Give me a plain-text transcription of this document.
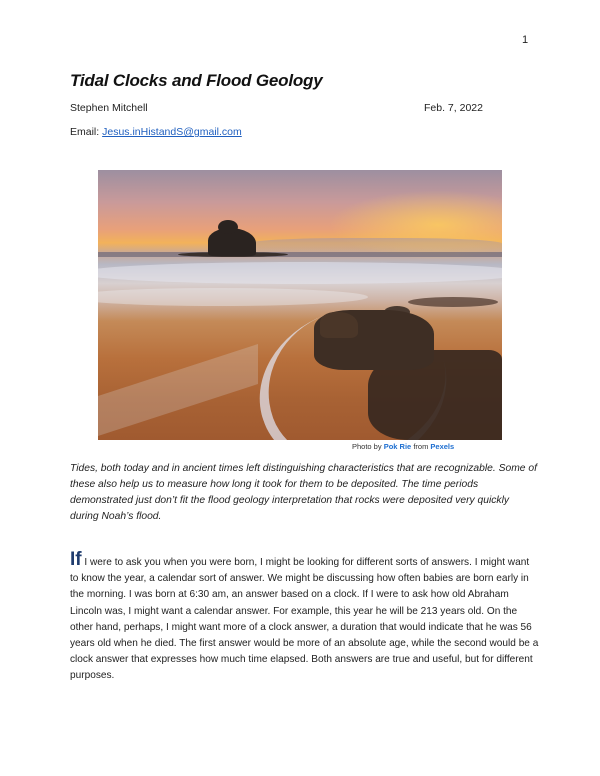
1
Tidal Clocks and Flood Geology
Stephen Mitchell	Feb. 7, 2022
Email: Jesus.inHistandS@gmail.com
Photo by Pok Rie from Pexels

Tides, both today and in ancient times left distinguishing characteristics that are recognizable. Some of these also help us to measure how long it took for them to be deposited. The time periods demonstrated just don’t fit the flood geology interpretation that rocks were deposited very quickly during Noah’s flood.

If I were to ask you when you were born, I might be looking for different sorts of answers. I might want to know the year, a calendar sort of answer. We might be discussing how often babies are born early in the morning. I was born at 6:30 am, an answer based on a clock. If I were to ask how old Abraham Lincoln was, I might want a calendar answer. For example, this year he will be 213 years old. On the other hand, perhaps, I might want more of a clock answer, a duration that would indicate that he was 56 years old when he died. The first answer would be more of an absolute age, while the second would be a clock answer that expresses how much time elapsed. Both answers are true and useful, but for different purposes.
